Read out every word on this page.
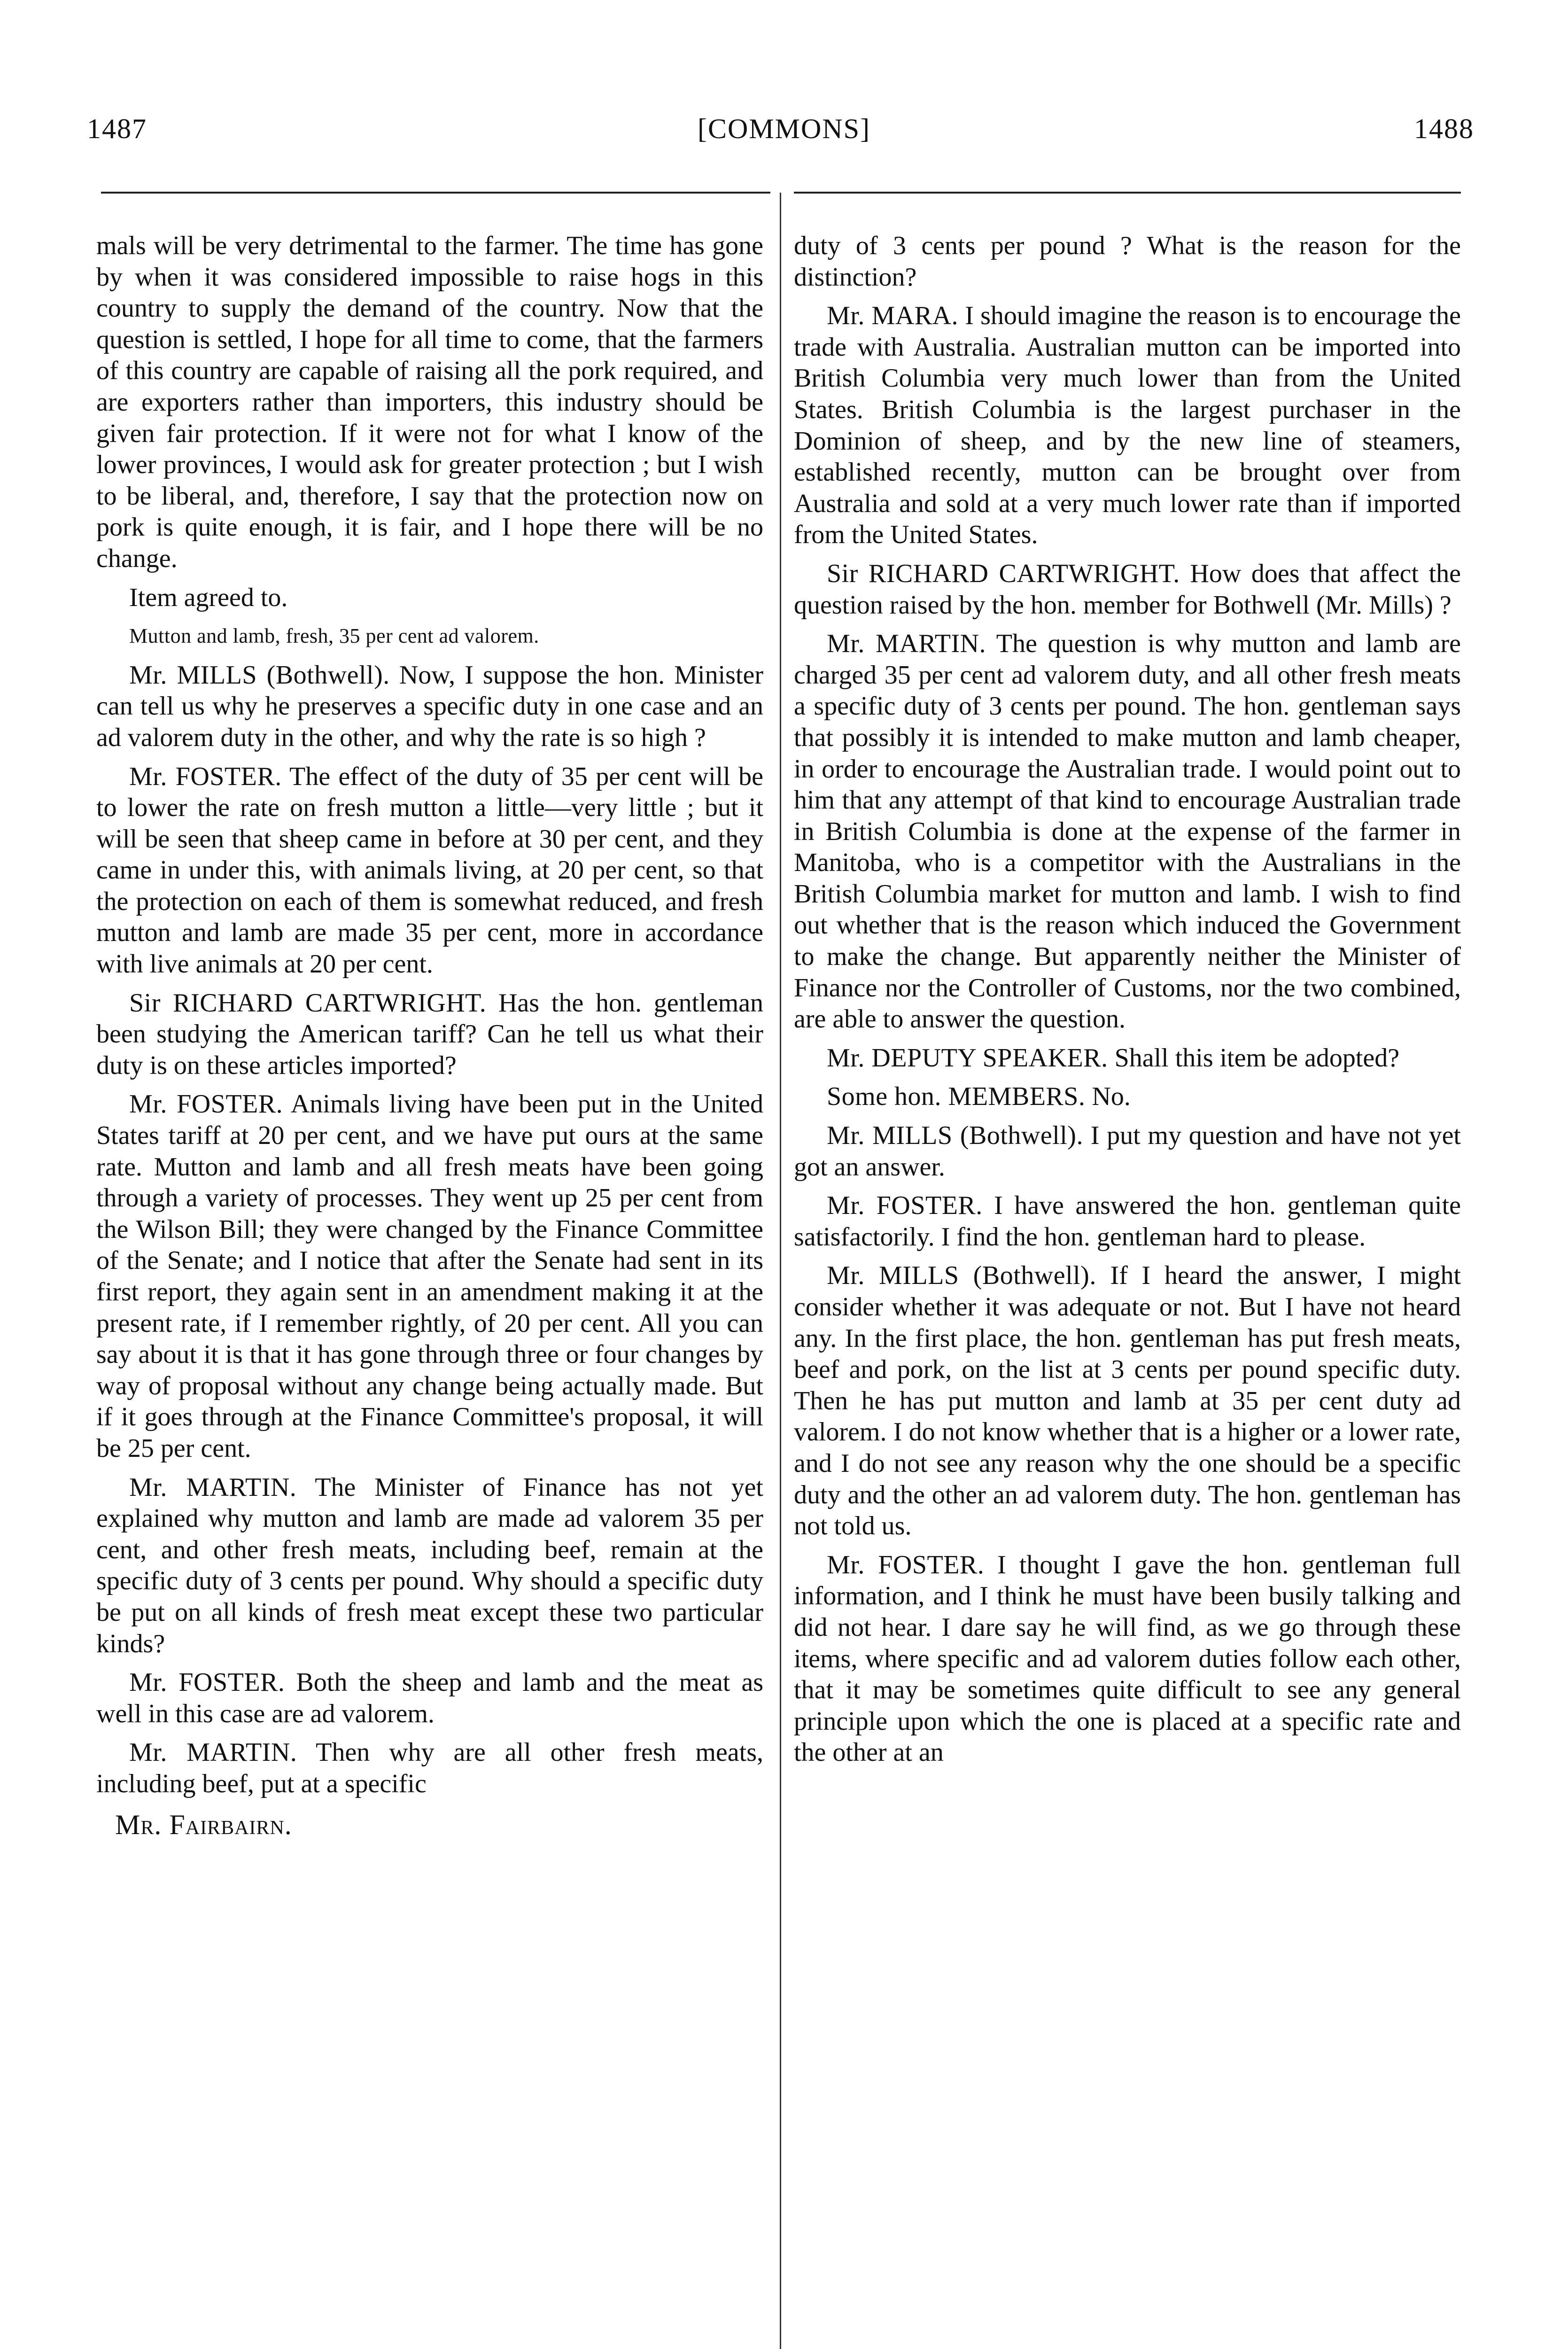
1487	[COMMONS]	1488

mals will be very detrimental to the farmer. The time has gone by when it was considered impossible to raise hogs in this country to supply the demand of the country. Now that the question is settled, I hope for all time to come, that the farmers of this country are capable of raising all the pork required, and are exporters rather than importers, this industry should be given fair protection. If it were not for what I know of the lower provinces, I would ask for greater protection ; but I wish to be liberal, and, therefore, I say that the protection now on pork is quite enough, it is fair, and I hope there will be no change.

Item agreed to.

Mutton and lamb, fresh, 35 per cent ad valorem.

Mr. MILLS (Bothwell). Now, I suppose the hon. Minister can tell us why he preserves a specific duty in one case and an ad valorem duty in the other, and why the rate is so high ?

Mr. FOSTER. The effect of the duty of 35 per cent will be to lower the rate on fresh mutton a little—very little ; but it will be seen that sheep came in before at 30 per cent, and they came in under this, with animals living, at 20 per cent, so that the protection on each of them is somewhat reduced, and fresh mutton and lamb are made 35 per cent, more in accordance with live animals at 20 per cent.

Sir RICHARD CARTWRIGHT. Has the hon. gentleman been studying the American tariff? Can he tell us what their duty is on these articles imported?

Mr. FOSTER. Animals living have been put in the United States tariff at 20 per cent, and we have put ours at the same rate. Mutton and lamb and all fresh meats have been going through a variety of processes. They went up 25 per cent from the Wilson Bill; they were changed by the Finance Committee of the Senate; and I notice that after the Senate had sent in its first report, they again sent in an amendment making it at the present rate, if I remember rightly, of 20 per cent. All you can say about it is that it has gone through three or four changes by way of proposal without any change being actually made. But if it goes through at the Finance Committee's proposal, it will be 25 per cent.

Mr. MARTIN. The Minister of Finance has not yet explained why mutton and lamb are made ad valorem 35 per cent, and other fresh meats, including beef, remain at the specific duty of 3 cents per pound. Why should a specific duty be put on all kinds of fresh meat except these two particular kinds?

Mr. FOSTER. Both the sheep and lamb and the meat as well in this case are ad valorem.

Mr. MARTIN. Then why are all other fresh meats, including beef, put at a specific

Mr. Fairbairn.

duty of 3 cents per pound ? What is the reason for the distinction?

Mr. MARA. I should imagine the reason is to encourage the trade with Australia. Australian mutton can be imported into British Columbia very much lower than from the United States. British Columbia is the largest purchaser in the Dominion of sheep, and by the new line of steamers, established recently, mutton can be brought over from Australia and sold at a very much lower rate than if imported from the United States.

Sir RICHARD CARTWRIGHT. How does that affect the question raised by the hon. member for Bothwell (Mr. Mills) ?

Mr. MARTIN. The question is why mutton and lamb are charged 35 per cent ad valorem duty, and all other fresh meats a specific duty of 3 cents per pound. The hon. gentleman says that possibly it is intended to make mutton and lamb cheaper, in order to encourage the Australian trade. I would point out to him that any attempt of that kind to encourage Australian trade in British Columbia is done at the expense of the farmer in Manitoba, who is a competitor with the Australians in the British Columbia market for mutton and lamb. I wish to find out whether that is the reason which induced the Government to make the change. But apparently neither the Minister of Finance nor the Controller of Customs, nor the two combined, are able to answer the question.

Mr. DEPUTY SPEAKER. Shall this item be adopted?

Some hon. MEMBERS. No.

Mr. MILLS (Bothwell). I put my question and have not yet got an answer.

Mr. FOSTER. I have answered the hon. gentleman quite satisfactorily. I find the hon. gentleman hard to please.

Mr. MILLS (Bothwell). If I heard the answer, I might consider whether it was adequate or not. But I have not heard any. In the first place, the hon. gentleman has put fresh meats, beef and pork, on the list at 3 cents per pound specific duty. Then he has put mutton and lamb at 35 per cent duty ad valorem. I do not know whether that is a higher or a lower rate, and I do not see any reason why the one should be a specific duty and the other an ad valorem duty. The hon. gentleman has not told us.

Mr. FOSTER. I thought I gave the hon. gentleman full information, and I think he must have been busily talking and did not hear. I dare say he will find, as we go through these items, where specific and ad valorem duties follow each other, that it may be sometimes quite difficult to see any general principle upon which the one is placed at a specific rate and the other at an
